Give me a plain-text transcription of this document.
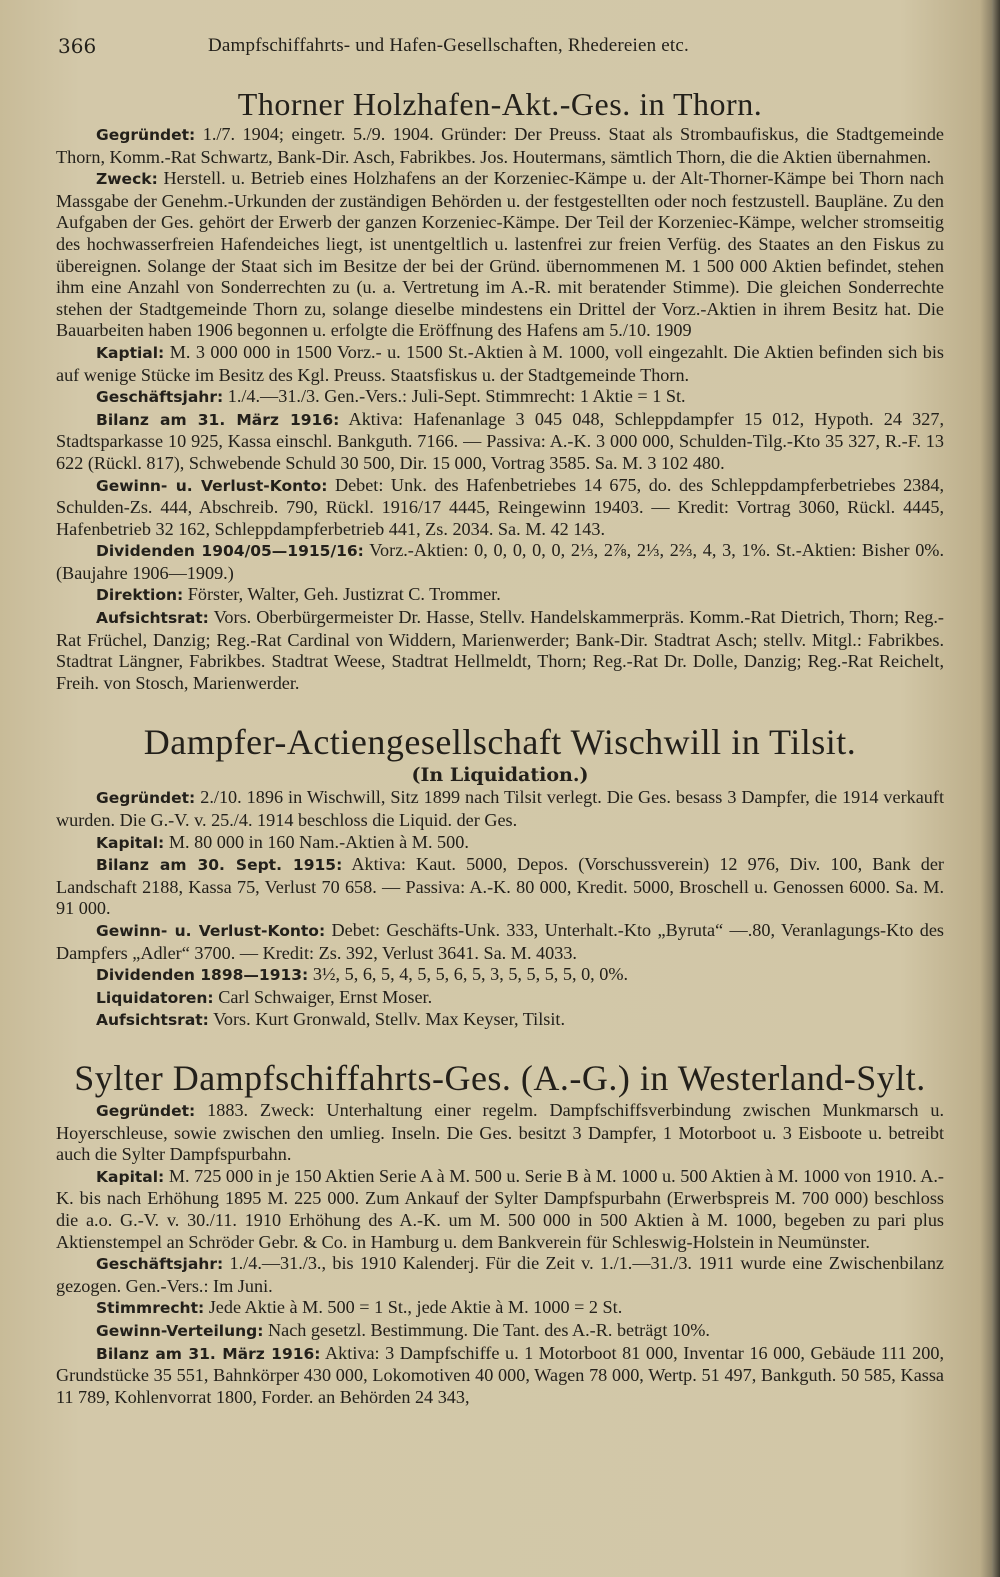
366	Dampfschiffahrts- und Hafen-Gesellschaften, Rhedereien etc.
Thorner Holzhafen-Akt.-Ges. in Thorn.

Gegründet: 1./7. 1904; eingetr. 5./9. 1904. Gründer: Der Preuss. Staat als Strombaufiskus, die Stadtgemeinde Thorn, Komm.-Rat Schwartz, Bank-Dir. Asch, Fabrikbes. Jos. Houtermans, sämtlich Thorn, die die Aktien übernahmen.

Zweck: Herstell. u. Betrieb eines Holzhafens an der Korzeniec-Kämpe u. der Alt-Thorner-Kämpe bei Thorn nach Massgabe der Genehm.-Urkunden der zuständigen Behörden u. der festgestellten oder noch festzustell. Baupläne. Zu den Aufgaben der Ges. gehört der Erwerb der ganzen Korzeniec-Kämpe. Der Teil der Korzeniec-Kämpe, welcher stromseitig des hochwasserfreien Hafendeiches liegt, ist unentgeltlich u. lastenfrei zur freien Verfüg. des Staates an den Fiskus zu übereignen. Solange der Staat sich im Besitze der bei der Gründ. übernommenen M. 1 500 000 Aktien befindet, stehen ihm eine Anzahl von Sonderrechten zu (u. a. Vertretung im A.-R. mit beratender Stimme). Die gleichen Sonderrechte stehen der Stadtgemeinde Thorn zu, solange dieselbe mindestens ein Drittel der Vorz.-Aktien in ihrem Besitz hat. Die Bauarbeiten haben 1906 begonnen u. erfolgte die Eröffnung des Hafens am 5./10. 1909

Kaptial: M. 3 000 000 in 1500 Vorz.- u. 1500 St.-Aktien à M. 1000, voll eingezahlt. Die Aktien befinden sich bis auf wenige Stücke im Besitz des Kgl. Preuss. Staatsfiskus u. der Stadtgemeinde Thorn.

Geschäftsjahr: 1./4.—31./3. Gen.-Vers.: Juli-Sept. Stimmrecht: 1 Aktie = 1 St.

Bilanz am 31. März 1916: Aktiva: Hafenanlage 3 045 048, Schleppdampfer 15 012, Hypoth. 24 327, Stadtsparkasse 10 925, Kassa einschl. Bankguth. 7166. — Passiva: A.-K. 3 000 000, Schulden-Tilg.-Kto 35 327, R.-F. 13 622 (Rückl. 817), Schwebende Schuld 30 500, Dir. 15 000, Vortrag 3585. Sa. M. 3 102 480.

Gewinn- u. Verlust-Konto: Debet: Unk. des Hafenbetriebes 14 675, do. des Schleppdampferbetriebes 2384, Schulden-Zs. 444, Abschreib. 790, Rückl. 1916/17 4445, Reingewinn 19403. — Kredit: Vortrag 3060, Rückl. 4445, Hafenbetrieb 32 162, Schleppdampferbetrieb 441, Zs. 2034. Sa. M. 42 143.

Dividenden 1904/05—1915/16: Vorz.-Aktien: 0, 0, 0, 0, 0, 2⅓, 2⅞, 2⅓, 2⅔, 4, 3, 1%. St.-Aktien: Bisher 0%. (Baujahre 1906—1909.)

Direktion: Förster, Walter, Geh. Justizrat C. Trommer.

Aufsichtsrat: Vors. Oberbürgermeister Dr. Hasse, Stellv. Handelskammerpräs. Komm.-Rat Dietrich, Thorn; Reg.-Rat Früchel, Danzig; Reg.-Rat Cardinal von Widdern, Marienwerder; Bank-Dir. Stadtrat Asch; stellv. Mitgl.: Fabrikbes. Stadtrat Längner, Fabrikbes. Stadtrat Weese, Stadtrat Hellmeldt, Thorn; Reg.-Rat Dr. Dolle, Danzig; Reg.-Rat Reichelt, Freih. von Stosch, Marienwerder.

Dampfer-Actiengesellschaft Wischwill in Tilsit.
(In Liquidation.)

Gegründet: 2./10. 1896 in Wischwill, Sitz 1899 nach Tilsit verlegt. Die Ges. besass 3 Dampfer, die 1914 verkauft wurden. Die G.-V. v. 25./4. 1914 beschloss die Liquid. der Ges.

Kapital: M. 80 000 in 160 Nam.-Aktien à M. 500.

Bilanz am 30. Sept. 1915: Aktiva: Kaut. 5000, Depos. (Vorschussverein) 12 976, Div. 100, Bank der Landschaft 2188, Kassa 75, Verlust 70 658. — Passiva: A.-K. 80 000, Kredit. 5000, Broschell u. Genossen 6000. Sa. M. 91 000.

Gewinn- u. Verlust-Konto: Debet: Geschäfts-Unk. 333, Unterhalt.-Kto „Byruta“ —.80, Veranlagungs-Kto des Dampfers „Adler“ 3700. — Kredit: Zs. 392, Verlust 3641. Sa. M. 4033.

Dividenden 1898—1913: 3½, 5, 6, 5, 4, 5, 5, 6, 5, 3, 5, 5, 5, 5, 0, 0%.

Liquidatoren: Carl Schwaiger, Ernst Moser.

Aufsichtsrat: Vors. Kurt Gronwald, Stellv. Max Keyser, Tilsit.

Sylter Dampfschiffahrts-Ges. (A.-G.) in Westerland-Sylt.

Gegründet: 1883. Zweck: Unterhaltung einer regelm. Dampfschiffsverbindung zwischen Munkmarsch u. Hoyerschleuse, sowie zwischen den umlieg. Inseln. Die Ges. besitzt 3 Dampfer, 1 Motorboot u. 3 Eisboote u. betreibt auch die Sylter Dampfspurbahn.

Kapital: M. 725 000 in je 150 Aktien Serie A à M. 500 u. Serie B à M. 1000 u. 500 Aktien à M. 1000 von 1910. A.-K. bis nach Erhöhung 1895 M. 225 000. Zum Ankauf der Sylter Dampfspurbahn (Erwerbspreis M. 700 000) beschloss die a.o. G.-V. v. 30./11. 1910 Erhöhung des A.-K. um M. 500 000 in 500 Aktien à M. 1000, begeben zu pari plus Aktienstempel an Schröder Gebr. & Co. in Hamburg u. dem Bankverein für Schleswig-Holstein in Neumünster.

Geschäftsjahr: 1./4.—31./3., bis 1910 Kalenderj. Für die Zeit v. 1./1.—31./3. 1911 wurde eine Zwischenbilanz gezogen. Gen.-Vers.: Im Juni.

Stimmrecht: Jede Aktie à M. 500 = 1 St., jede Aktie à M. 1000 = 2 St.

Gewinn-Verteilung: Nach gesetzl. Bestimmung. Die Tant. des A.-R. beträgt 10%.

Bilanz am 31. März 1916: Aktiva: 3 Dampfschiffe u. 1 Motorboot 81 000, Inventar 16 000, Gebäude 111 200, Grundstücke 35 551, Bahnkörper 430 000, Lokomotiven 40 000, Wagen 78 000, Wertp. 51 497, Bankguth. 50 585, Kassa 11 789, Kohlenvorrat 1800, Forder. an Behörden 24 343,
